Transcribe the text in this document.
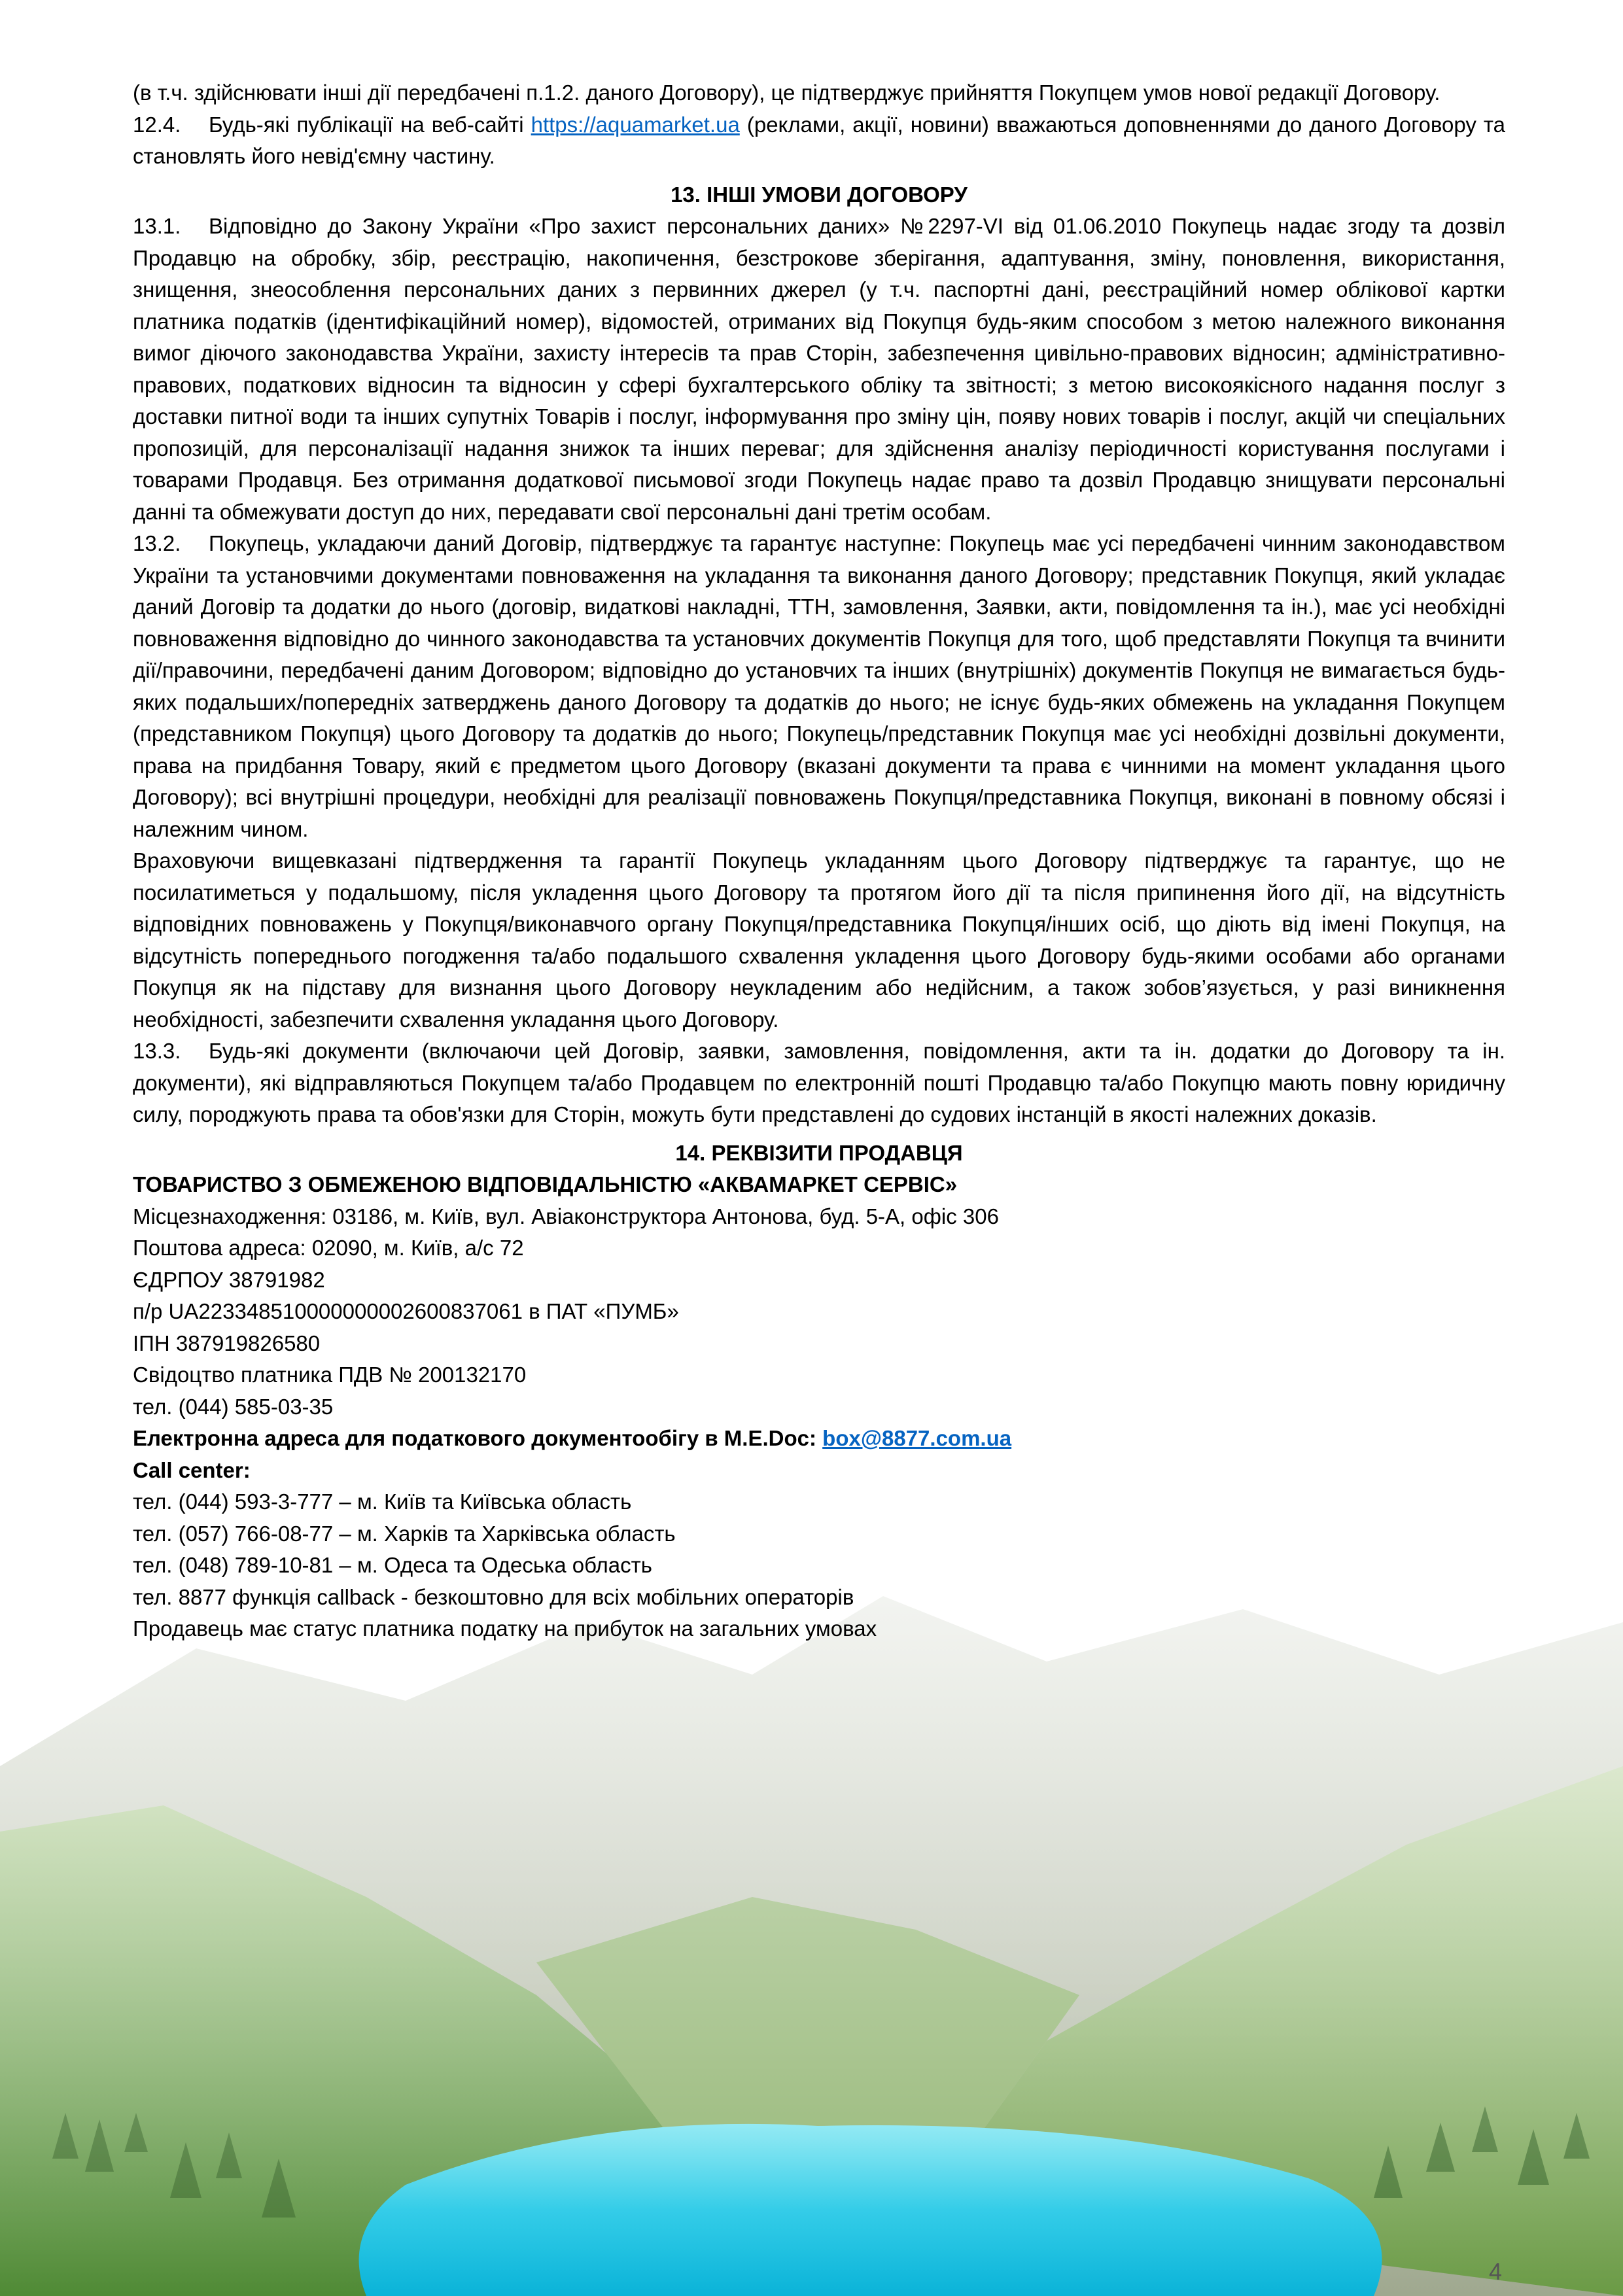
(в т.ч. здійснювати інші дії передбачені п.1.2. даного Договору), це підтверджує прийняття Покупцем умов нової редакції Договору.

12.4. Будь-які публікації на веб-сайті https://aquamarket.ua (реклами, акції, новини) вважаються доповненнями до даного Договору та становлять його невід'ємну частину.

13. ІНШІ УМОВИ ДОГОВОРУ

13.1. Відповідно до Закону України «Про захист персональних даних» №2297-VI від 01.06.2010 Покупець надає згоду та дозвіл Продавцю на обробку, збір, реєстрацію, накопичення, безстрокове зберігання, адаптування, зміну, поновлення, використання, знищення, знеособлення персональних даних з первинних джерел (у т.ч. паспортні дані, реєстраційний номер облікової картки платника податків (ідентифікаційний номер), відомостей, отриманих від Покупця будь-яким способом з метою належного виконання вимог діючого законодавства України, захисту інтересів та прав Сторін, забезпечення цивільно-правових відносин; адміністративно-правових, податкових відносин та відносин у сфері бухгалтерського обліку та звітності; з метою високоякісного надання послуг з доставки питної води та інших супутніх Товарів і послуг, інформування про зміну цін, появу нових товарів і послуг, акцій чи спеціальних пропозицій, для персоналізації надання знижок та інших переваг; для здійснення аналізу періодичності користування послугами і товарами Продавця. Без отримання додаткової письмової згоди Покупець надає право та дозвіл Продавцю знищувати персональні данні та обмежувати доступ до них, передавати свої персональні дані третім особам.

13.2. Покупець, укладаючи даний Договір, підтверджує та гарантує наступне: Покупець має усі передбачені чинним законодавством України та установчими документами повноваження на укладання та виконання даного Договору; представник Покупця, який укладає даний Договір та додатки до нього (договір, видаткові накладні, ТТН, замовлення, Заявки, акти, повідомлення та ін.), має усі необхідні повноваження відповідно до чинного законодавства та установчих документів Покупця для того, щоб представляти Покупця та вчинити дії/правочини, передбачені даним Договором; відповідно до установчих та інших (внутрішніх) документів Покупця не вимагається будь-яких подальших/попередніх затверджень даного Договору та додатків до нього; не існує будь-яких обмежень на укладання Покупцем (представником Покупця) цього Договору та додатків до нього; Покупець/представник Покупця має усі необхідні дозвільні документи, права на придбання Товару, який є предметом цього Договору (вказані документи та права є чинними на момент укладання цього Договору); всі внутрішні процедури, необхідні для реалізації повноважень Покупця/представника Покупця, виконані в повному обсязі і належним чином.

Враховуючи вищевказані підтвердження та гарантії Покупець укладанням цього Договору підтверджує та гарантує, що не посилатиметься у подальшому, після укладення цього Договору та протягом його дії та після припинення його дії, на відсутність відповідних повноважень у Покупця/виконавчого органу Покупця/представника Покупця/інших осіб, що діють від імені Покупця, на відсутність попереднього погодження та/або подальшого схвалення укладення цього Договору будь-якими особами або органами Покупця як на підставу для визнання цього Договору неукладеним або недійсним, а також зобов’язується, у разі виникнення необхідності, забезпечити схвалення укладання цього Договору.

13.3. Будь-які документи (включаючи цей Договір, заявки, замовлення, повідомлення, акти та ін. додатки до Договору та ін. документи), які відправляються Покупцем та/або Продавцем по електронній пошті Продавцю та/або Покупцю мають повну юридичну силу, породжують права та обов'язки для Сторін, можуть бути представлені до судових інстанцій в якості належних доказів.

14. РЕКВІЗИТИ ПРОДАВЦЯ

ТОВАРИСТВО З ОБМЕЖЕНОЮ ВІДПОВІДАЛЬНІСТЮ «АКВАМАРКЕТ СЕРВІС»

Місцезнаходження: 03186, м. Київ, вул. Авіаконструктора Антонова, буд. 5-А, офіс 306

Поштова адреса: 02090, м. Київ, а/с 72

ЄДРПОУ 38791982

п/р UA223348510000000002600837061 в ПАТ «ПУМБ»

ІПН 387919826580

Свідоцтво платника ПДВ № 200132170

тел. (044) 585-03-35

Електронна адреса для податкового документообігу в M.E.Doc: box@8877.com.ua

Call center:

тел. (044) 593-3-777 – м. Київ та Київська область

тел. (057) 766-08-77 – м. Харків та Харківська область

тел. (048) 789-10-81 – м. Одеса та Одеська область

тел. 8877 функція callback - безкоштовно для всіх мобільних операторів

Продавець має статус платника податку на прибуток на загальних умовах

4
